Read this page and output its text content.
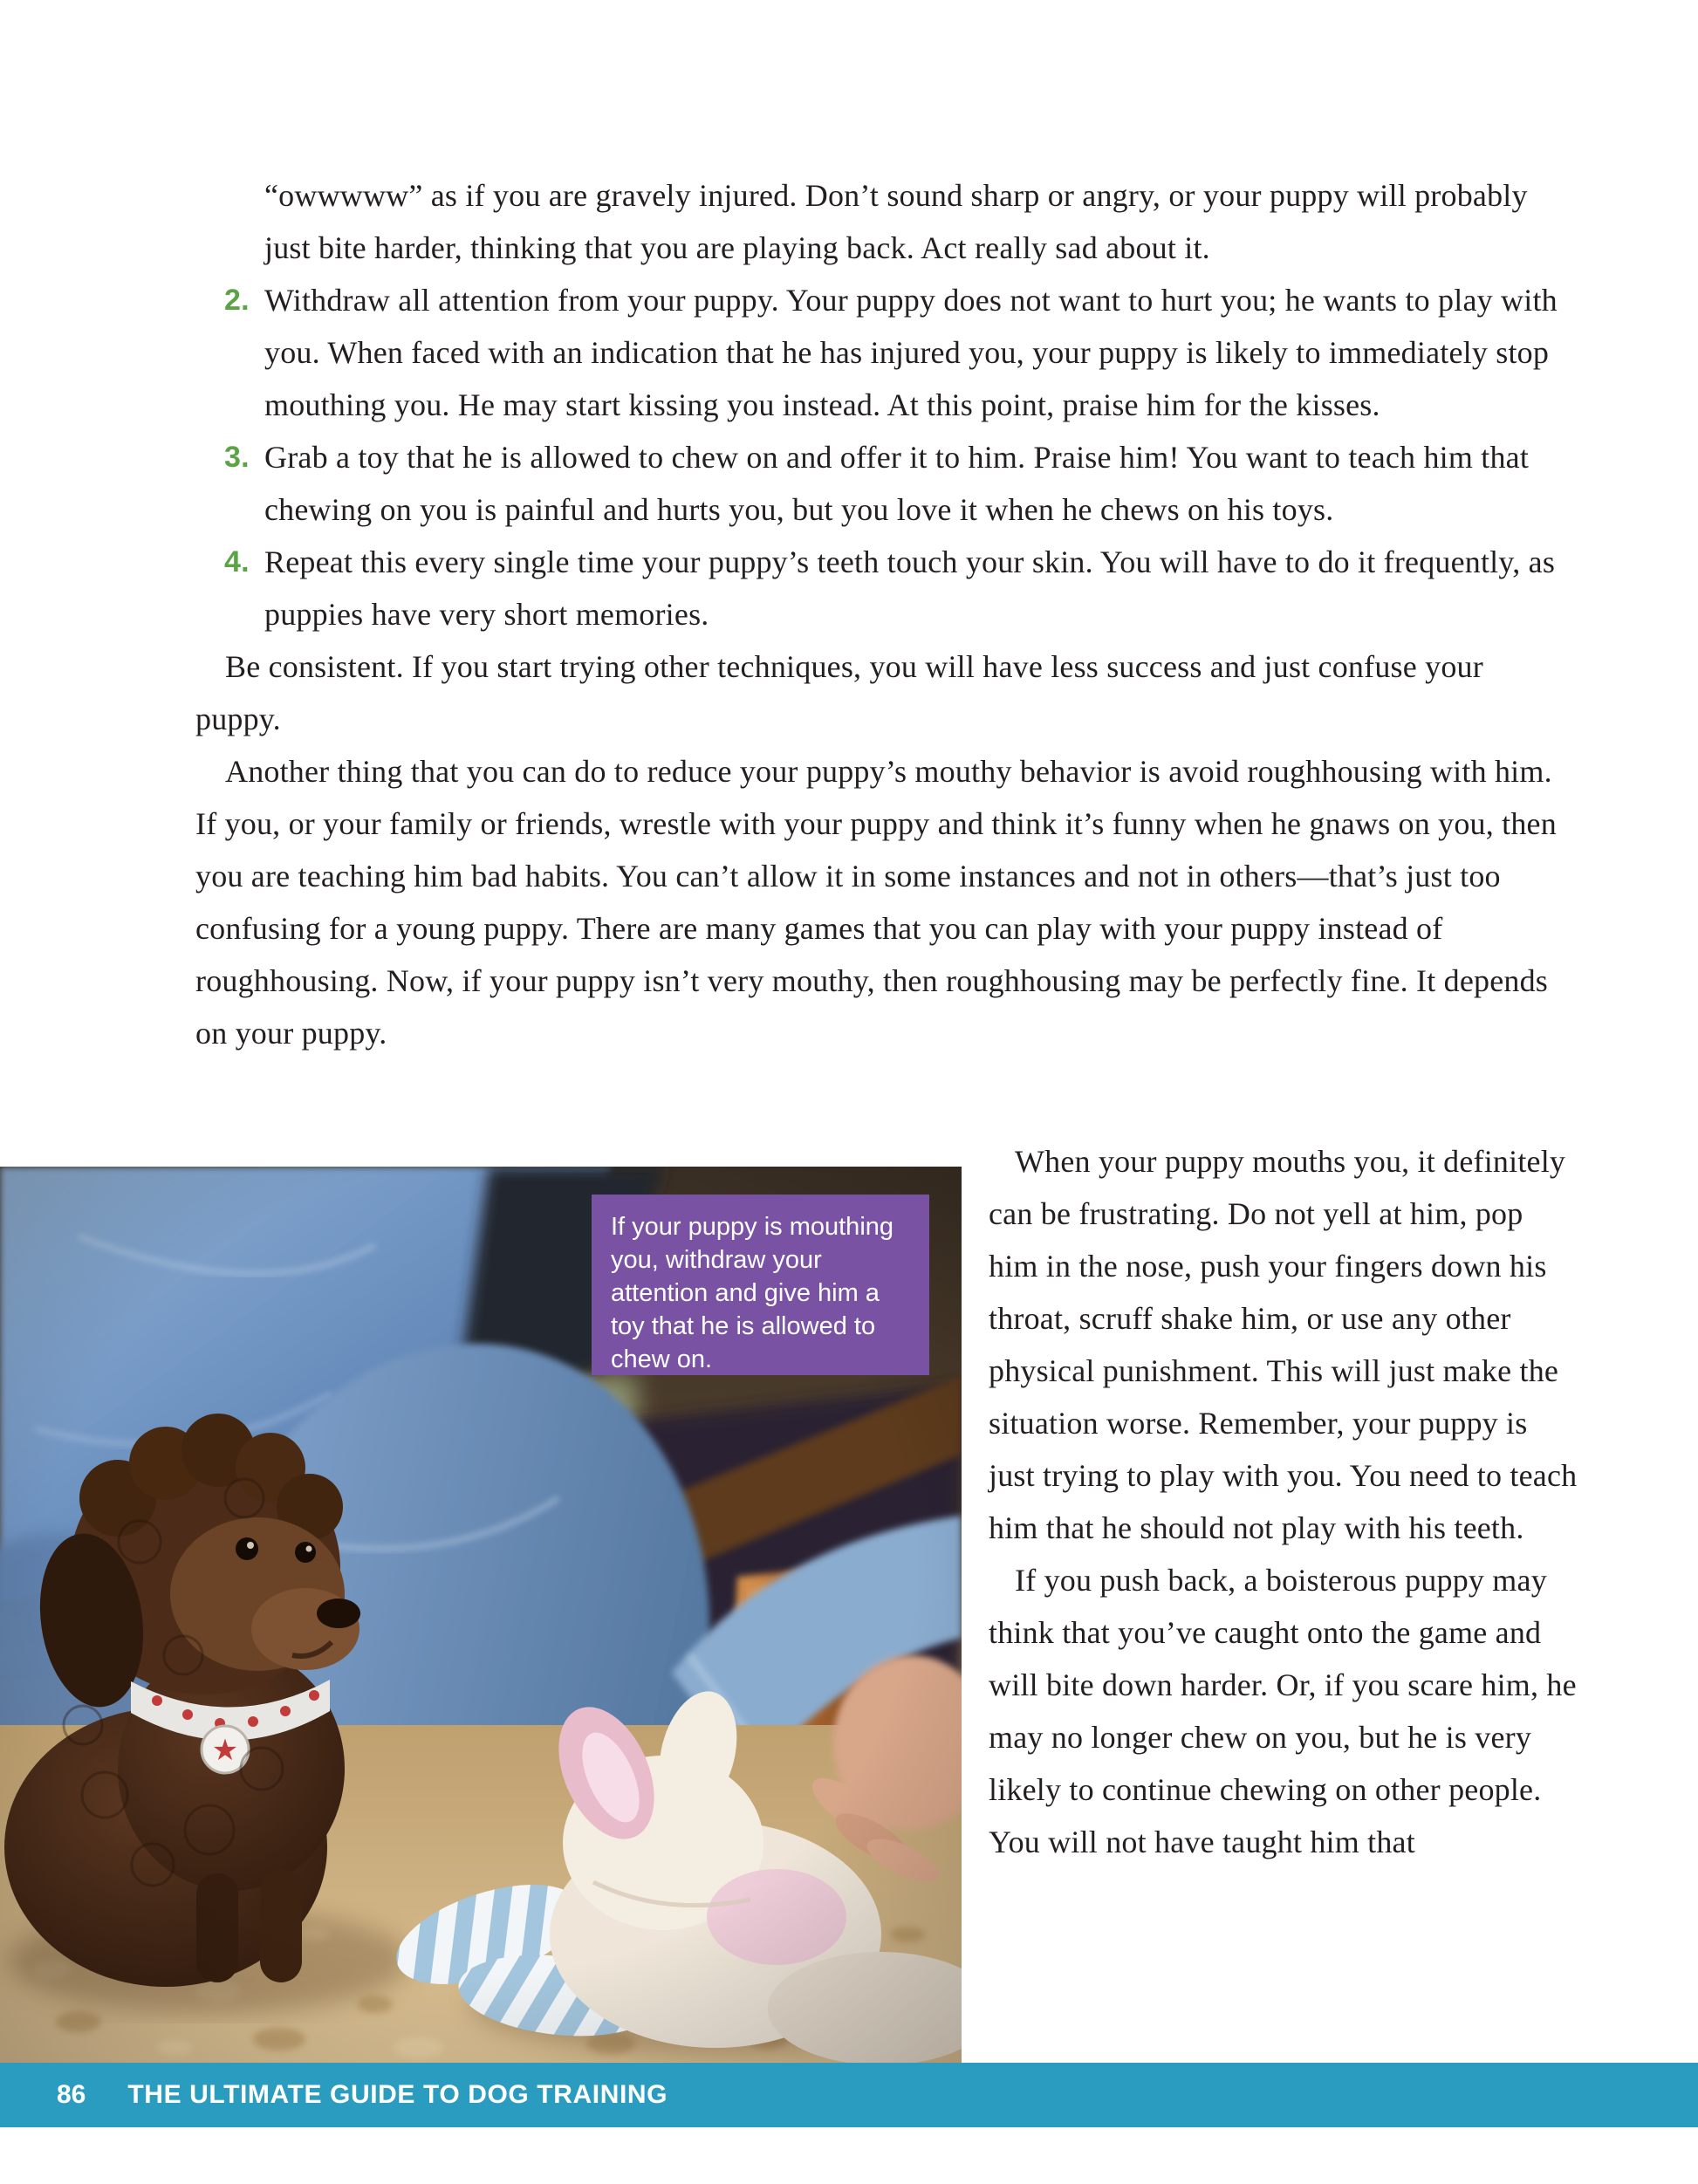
“owwwww” as if you are gravely injured. Don’t sound sharp or angry, or your puppy will probably just bite harder, thinking that you are playing back. Act really sad about it.

2. Withdraw all attention from your puppy. Your puppy does not want to hurt you; he wants to play with you. When faced with an indication that he has injured you, your puppy is likely to immediately stop mouthing you. He may start kissing you instead. At this point, praise him for the kisses.
3. Grab a toy that he is allowed to chew on and offer it to him. Praise him! You want to teach him that chewing on you is painful and hurts you, but you love it when he chews on his toys.
4. Repeat this every single time your puppy’s teeth touch your skin. You will have to do it frequently, as puppies have very short memories.

Be consistent. If you start trying other techniques, you will have less success and just confuse your puppy.

Another thing that you can do to reduce your puppy’s mouthy behavior is avoid roughhousing with him. If you, or your family or friends, wrestle with your puppy and think it’s funny when he gnaws on you, then you are teaching him bad habits. You can’t allow it in some instances and not in others—that’s just too confusing for a young puppy. There are many games that you can play with your puppy instead of roughhousing. Now, if your puppy isn’t very mouthy, then roughhousing may be perfectly fine. It depends on your puppy.

If your puppy is mouthing you, withdraw your attention and give him a toy that he is allowed to chew on.

When your puppy mouths you, it definitely can be frustrating. Do not yell at him, pop him in the nose, push your fingers down his throat, scruff shake him, or use any other physical punishment. This will just make the situation worse. Remember, your puppy is just trying to play with you. You need to teach him that he should not play with his teeth.

If you push back, a boisterous puppy may think that you’ve caught onto the game and will bite down harder. Or, if you scare him, he may no longer chew on you, but he is very likely to continue chewing on other people. You will not have taught him that

86 THE ULTIMATE GUIDE TO DOG TRAINING
